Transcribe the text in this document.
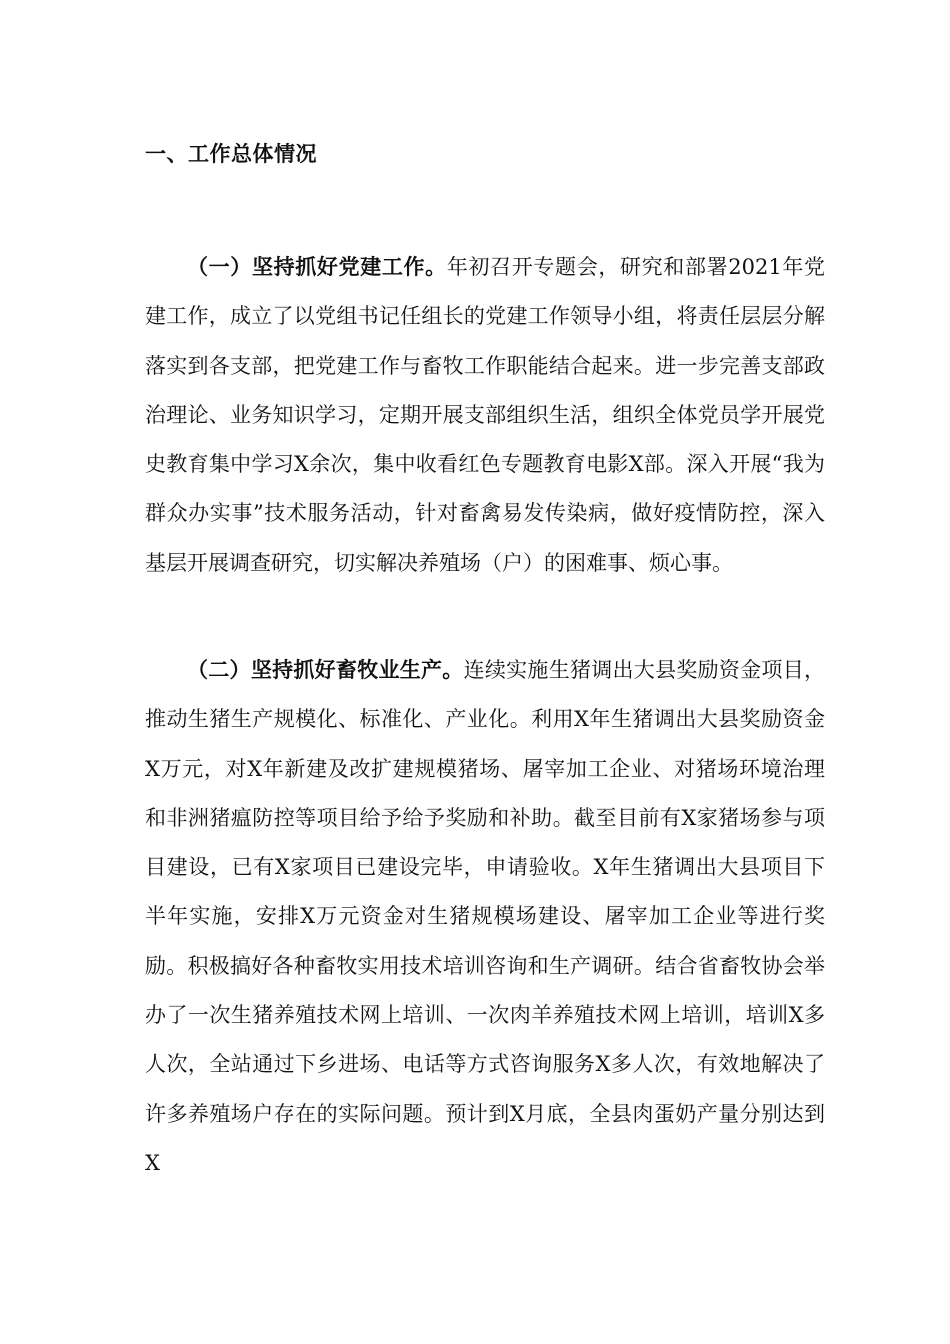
一、工作总体情况

（一）坚持抓好党建工作。年初召开专题会，研究和部署2021年党建工作，成立了以党组书记任组长的党建工作领导小组，将责任层层分解落实到各支部，把党建工作与畜牧工作职能结合起来。进一步完善支部政治理论、业务知识学习，定期开展支部组织生活，组织全体党员学开展党史教育集中学习X余次，集中收看红色专题教育电影X部。深入开展“我为群众办实事”技术服务活动，针对畜禽易发传染病，做好疫情防控，深入基层开展调查研究，切实解决养殖场（户）的困难事、烦心事。

（二）坚持抓好畜牧业生产。连续实施生猪调出大县奖励资金项目，推动生猪生产规模化、标准化、产业化。利用X年生猪调出大县奖励资金X万元，对X年新建及改扩建规模猪场、屠宰加工企业、对猪场环境治理和非洲猪瘟防控等项目给予给予奖励和补助。截至目前有X家猪场参与项目建设，已有X家项目已建设完毕，申请验收。X年生猪调出大县项目下半年实施，安排X万元资金对生猪规模场建设、屠宰加工企业等进行奖励。积极搞好各种畜牧实用技术培训咨询和生产调研。结合省畜牧协会举办了一次生猪养殖技术网上培训、一次肉羊养殖技术网上培训，培训X多人次，全站通过下乡进场、电话等方式咨询服务X多人次，有效地解决了许多养殖场户存在的实际问题。预计到X月底，全县肉蛋奶产量分别达到X
